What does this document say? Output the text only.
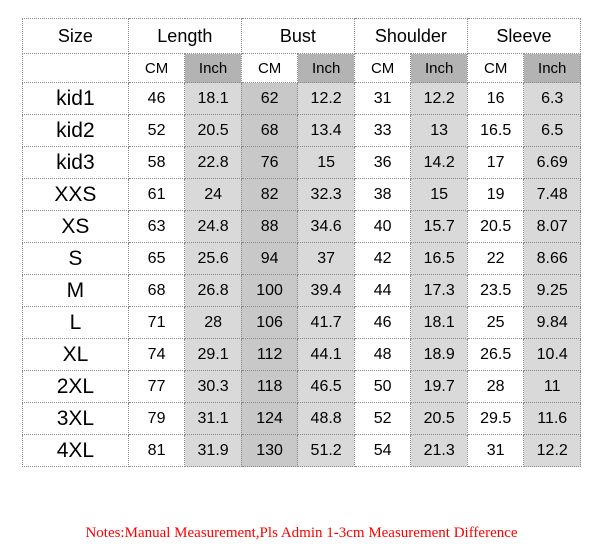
Size	Length		Bust		Shoulder		Sleeve	
	CM	Inch	CM	Inch	CM	Inch	CM	Inch
kid1	46	18.1	62	12.2	31	12.2	16	6.3
kid2	52	20.5	68	13.4	33	13	16.5	6.5
kid3	58	22.8	76	15	36	14.2	17	6.69
XXS	61	24	82	32.3	38	15	19	7.48
XS	63	24.8	88	34.6	40	15.7	20.5	8.07
S	65	25.6	94	37	42	16.5	22	8.66
M	68	26.8	100	39.4	44	17.3	23.5	9.25
L	71	28	106	41.7	46	18.1	25	9.84
XL	74	29.1	112	44.1	48	18.9	26.5	10.4
2XL	77	30.3	118	46.5	50	19.7	28	11
3XL	79	31.1	124	48.8	52	20.5	29.5	11.6
4XL	81	31.9	130	51.2	54	21.3	31	12.2
Notes:Manual Measurement,Pls Admin 1-3cm Measurement Difference
